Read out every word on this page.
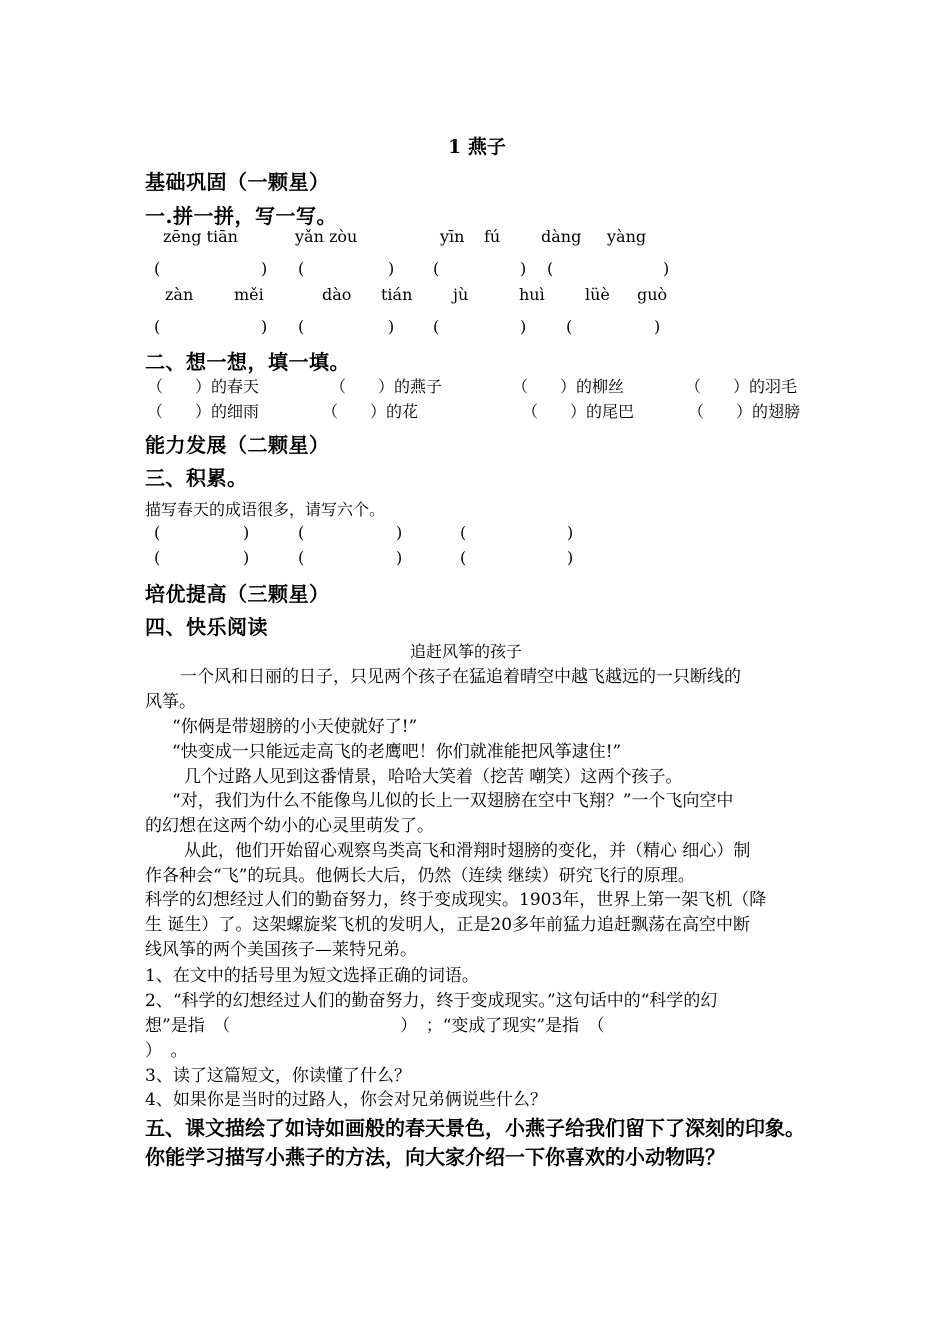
1 燕子
基础巩固（一颗星）
一.拼一拼，写一写。
zēng tiān	yǎn zòu	yīn fú	dàng yàng
(	) (	) (	) (	)
zàn	měi	dào tián	jù	huì	lüè guò
(	) (	) (	) (	)
二、想一想，填一填。
（　　）的春天	（　　）的燕子	（　　）的柳丝	（　　）的羽毛
（　　）的细雨	（　　）的花	（　　）的尾巴	（　　）的翅膀
能力发展（二颗星）
三、积累。
描写春天的成语很多，请写六个。
(	)	(	)	(	)
(	)	(	)	(	)
培优提高（三颗星）
四、快乐阅读
追赶风筝的孩子
一个风和日丽的日子，只见两个孩子在猛追着晴空中越飞越远的一只断线的
风筝。
“你俩是带翅膀的小天使就好了!”
“快变成一只能远走高飞的老鹰吧！你们就准能把风筝逮住!”
几个过路人见到这番情景，哈哈大笑着（挖苦 嘲笑）这两个孩子。
“对，我们为什么不能像鸟儿似的长上一双翅膀在空中飞翔？”一个飞向空中
的幻想在这两个幼小的心灵里萌发了。
从此，他们开始留心观察鸟类高飞和滑翔时翅膀的变化，并（精心 细心）制
作各种会“飞”的玩具。他俩长大后，仍然（连续 继续）研究飞行的原理。
科学的幻想经过人们的勤奋努力，终于变成现实。1903年，世界上第一架飞机（降
生 诞生）了。这架螺旋桨飞机的发明人，正是20多年前猛力追赶飘荡在高空中断
线风筝的两个美国孩子—莱特兄弟。
1、在文中的括号里为短文选择正确的词语。
2、“科学的幻想经过人们的勤奋努力，终于变成现实。”这句话中的“科学的幻
想”是指　（　　　　　　　　　　）　；“变成了现实”是指　（
）　。
3、读了这篇短文，你读懂了什么？
4、如果你是当时的过路人，你会对兄弟俩说些什么？
五、课文描绘了如诗如画般的春天景色，小燕子给我们留下了深刻的印象。你能学习描写小燕子的方法，向大家介绍一下你喜欢的小动物吗？
